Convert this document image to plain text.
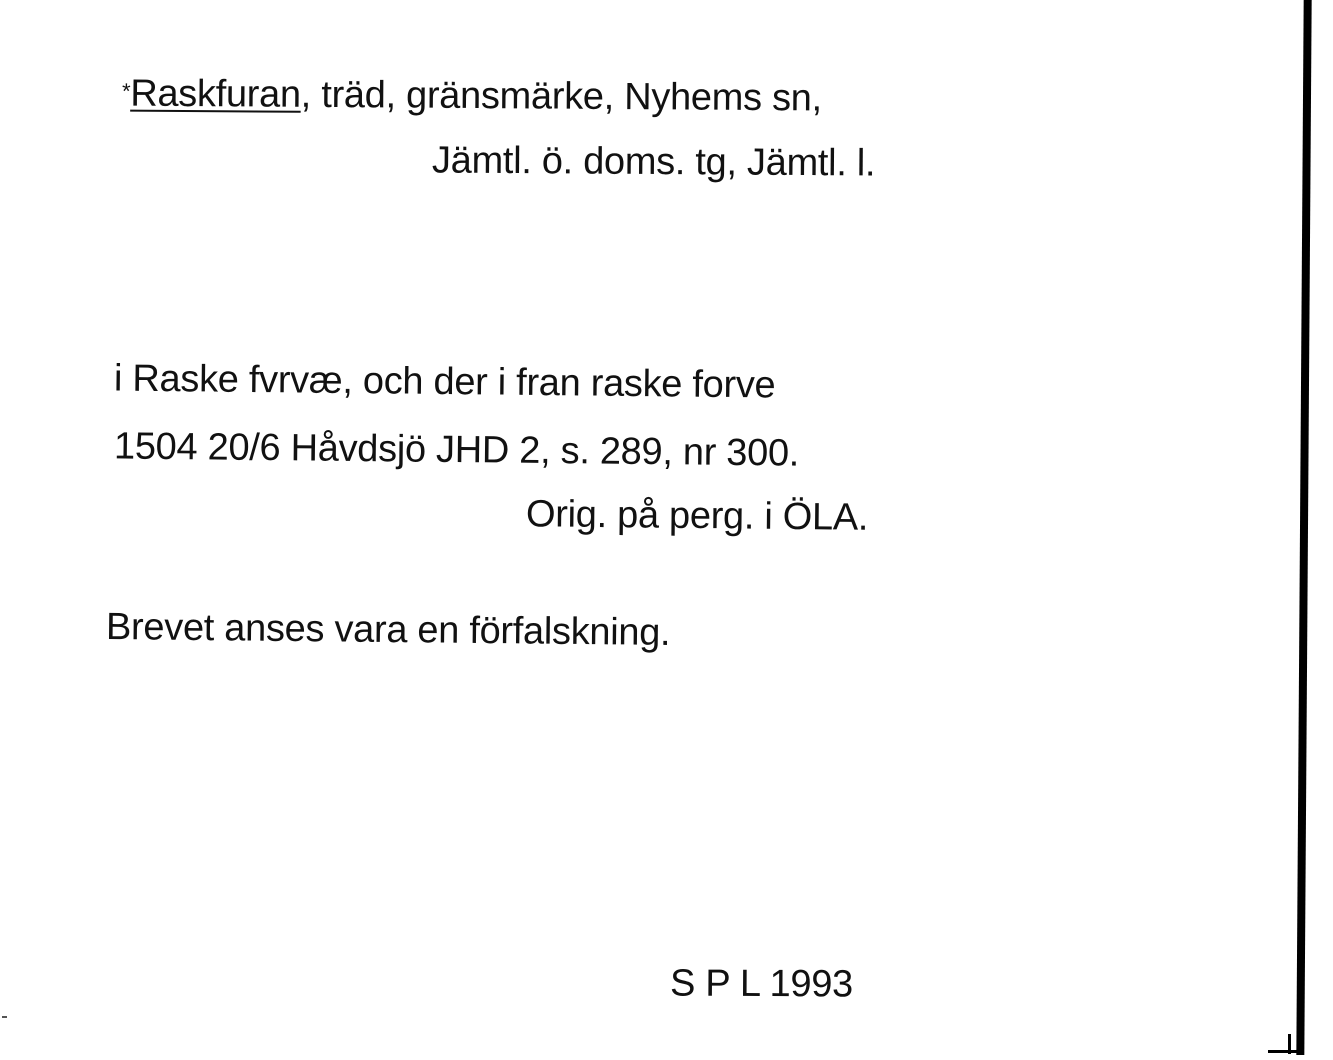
*Raskfuran, träd, gränsmärke, Nyhems sn,
Jämtl. ö. doms. tg, Jämtl. l.
i Raske fvrvæ, och der i fran raske forve
1504 20/6 Håvdsjö JHD 2, s. 289, nr 300.
Orig. på perg. i ÖLA.
Brevet anses vara en förfalskning.
S P L 1993
